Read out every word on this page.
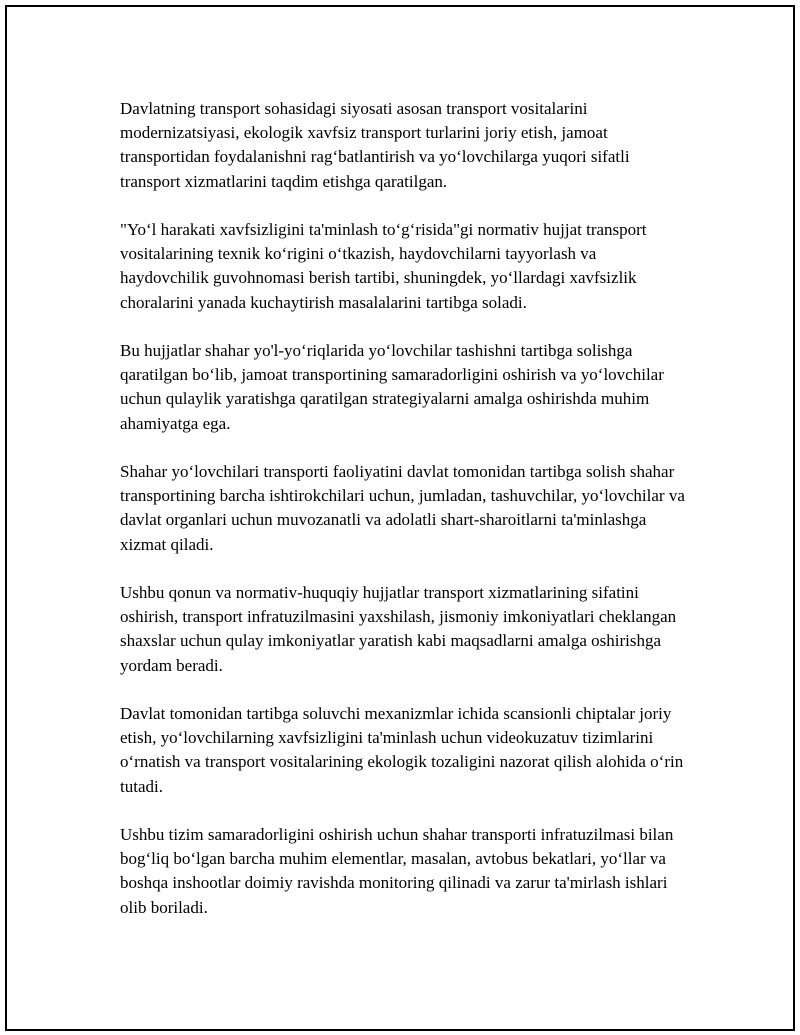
Davlatning transport sohasidagi siyosati asosan transport vositalarini modernizatsiyasi, ekologik xavfsiz transport turlarini joriy etish, jamoat transportidan foydalanishni rag‘batlantirish va yo‘lovchilarga yuqori sifatli transport xizmatlarini taqdim etishga qaratilgan.

"Yo‘l harakati xavfsizligini ta'minlash to‘g‘risida"gi normativ hujjat transport vositalarining texnik ko‘rigini o‘tkazish, haydovchilarni tayyorlash va haydovchilik guvohnomasi berish tartibi, shuningdek, yo‘llardagi xavfsizlik choralarini yanada kuchaytirish masalalarini tartibga soladi.

Bu hujjatlar shahar yo'l-yo‘riqlarida yo‘lovchilar tashishni tartibga solishga qaratilgan bo‘lib, jamoat transportining samaradorligini oshirish va yo‘lovchilar uchun qulaylik yaratishga qaratilgan strategiyalarni amalga oshirishda muhim ahamiyatga ega.

Shahar yo‘lovchilari transporti faoliyatini davlat tomonidan tartibga solish shahar transportining barcha ishtirokchilari uchun, jumladan, tashuvchilar, yo‘lovchilar va davlat organlari uchun muvozanatli va adolatli shart-sharoitlarni ta'minlashga xizmat qiladi.

Ushbu qonun va normativ-huquqiy hujjatlar transport xizmatlarining sifatini oshirish, transport infratuzilmasini yaxshilash, jismoniy imkoniyatlari cheklangan shaxslar uchun qulay imkoniyatlar yaratish kabi maqsadlarni amalga oshirishga yordam beradi.

Davlat tomonidan tartibga soluvchi mexanizmlar ichida scansionli chiptalar joriy etish, yo‘lovchilarning xavfsizligini ta'minlash uchun videokuzatuv tizimlarini o‘rnatish va transport vositalarining ekologik tozaligini nazorat qilish alohida o‘rin tutadi.

Ushbu tizim samaradorligini oshirish uchun shahar transporti infratuzilmasi bilan bog‘liq bo‘lgan barcha muhim elementlar, masalan, avtobus bekatlari, yo‘llar va boshqa inshootlar doimiy ravishda monitoring qilinadi va zarur ta'mirlash ishlari olib boriladi.
